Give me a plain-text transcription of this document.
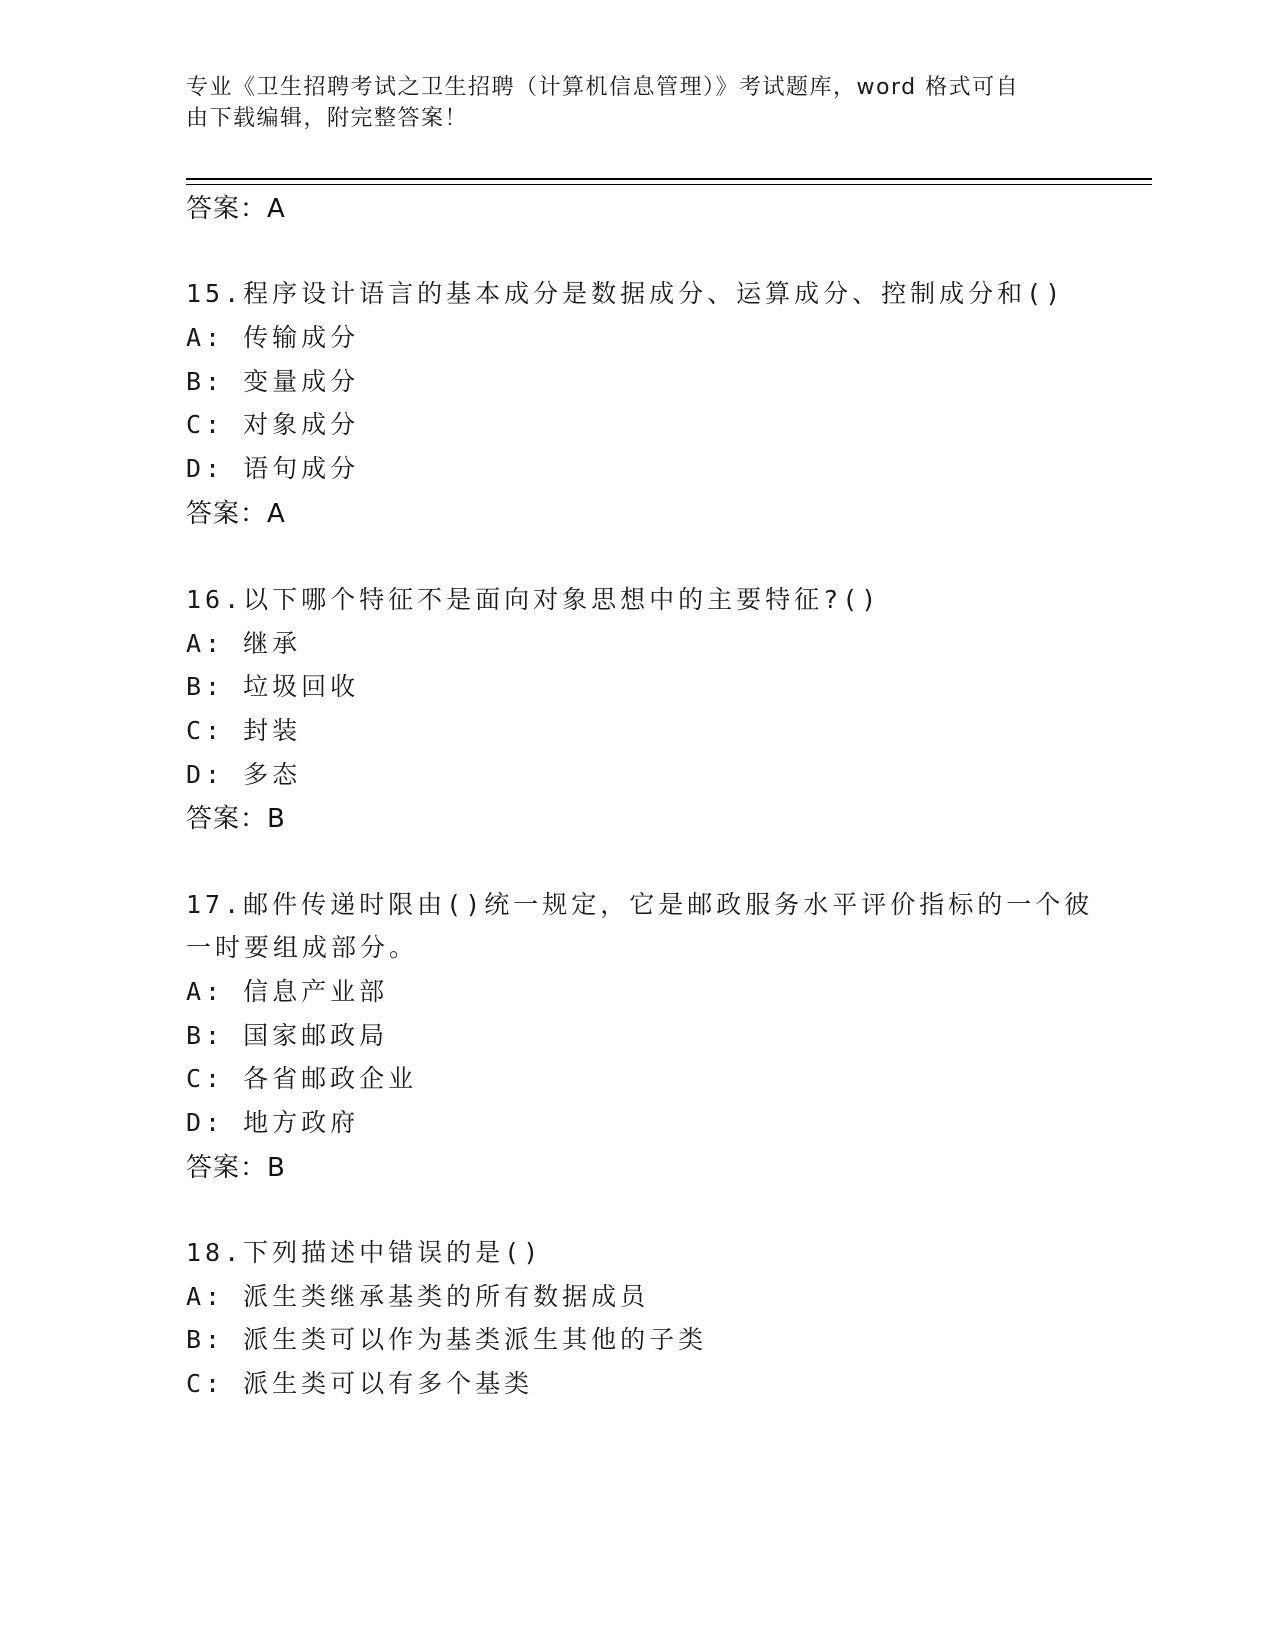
专业《卫生招聘考试之卫生招聘（计算机信息管理）》考试题库，word 格式可自
由下载编辑，附完整答案！
答案：A
15.程序设计语言的基本成分是数据成分、运算成分、控制成分和()
A: 传输成分
B: 变量成分
C: 对象成分
D: 语句成分
答案：A
16.以下哪个特征不是面向对象思想中的主要特征?()
A: 继承
B: 垃圾回收
C: 封装
D: 多态
答案：B
17.邮件传递时限由()统一规定，它是邮政服务水平评价指标的一个彼
一时要组成部分。
A: 信息产业部
B: 国家邮政局
C: 各省邮政企业
D: 地方政府
答案：B
18.下列描述中错误的是()
A: 派生类继承基类的所有数据成员
B: 派生类可以作为基类派生其他的子类
C: 派生类可以有多个基类
